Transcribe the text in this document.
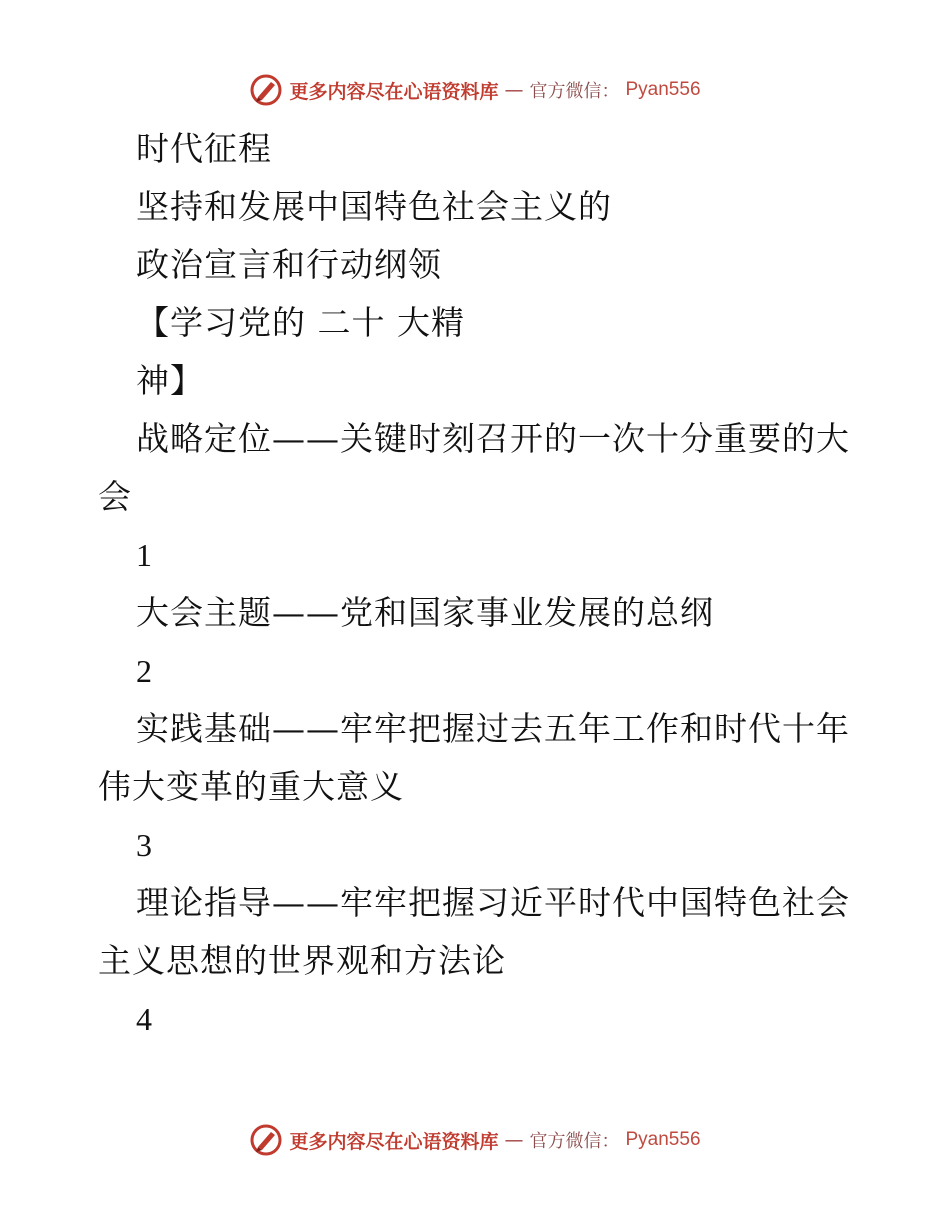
更多内容尽在心语资料库 — 官方微信： Pyan556
时代征程
坚持和发展中国特色社会主义的
政治宣言和行动纲领
【学习党的 二十 大精
神】
战略定位——关键时刻召开的一次十分重要的大
会
1
大会主题——党和国家事业发展的总纲
2
实践基础——牢牢把握过去五年工作和时代十年
伟大变革的重大意义
3
理论指导——牢牢把握习近平时代中国特色社会
主义思想的世界观和方法论
4
更多内容尽在心语资料库 — 官方微信： Pyan556
